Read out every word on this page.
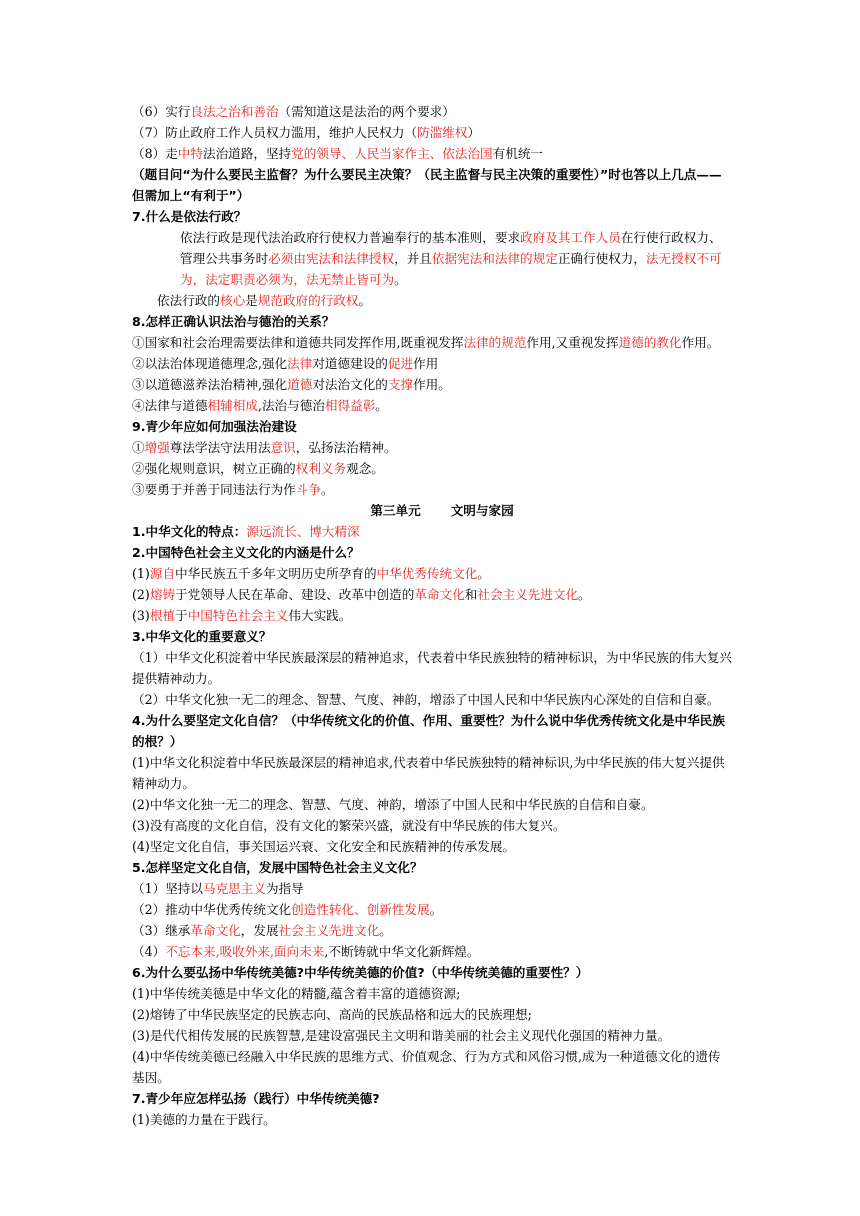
（6）实行良法之治和善治（需知道这是法治的两个要求）
（7）防止政府工作人员权力滥用，维护人民权力（防滥维权）
（8）走中特法治道路，坚持党的领导、人民当家作主、依法治国有机统一
（题目问“为什么要民主监督？为什么要民主决策？（民主监督与民主决策的重要性）”时也答以上几点——但需加上“有利于”）
7.什么是依法行政？
依法行政是现代法治政府行使权力普遍奉行的基本准则，要求政府及其工作人员在行使行政权力、管理公共事务时必须由宪法和法律授权，并且依据宪法和法律的规定正确行使权力，法无授权不可为，法定职责必须为，法无禁止皆可为。
依法行政的核心是规范政府的行政权。
8.怎样正确认识法治与德治的关系？
①国家和社会治理需要法律和道德共同发挥作用,既重视发挥法律的规范作用,又重视发挥道德的教化作用。
②以法治体现道德理念,强化法律对道德建设的促进作用
③以道德滋养法治精神,强化道德对法治文化的支撑作用。
④法律与道德相辅相成,法治与德治相得益彰。
9.青少年应如何加强法治建设
①增强尊法学法守法用法意识，弘扬法治精神。
②强化规则意识，树立正确的权利义务观念。
③要勇于并善于同违法行为作斗争。
第三单元 文明与家园
1.中华文化的特点：源远流长、博大精深
2.中国特色社会主义文化的内涵是什么？
(1)源自中华民族五千多年文明历史所孕育的中华优秀传统文化。
(2)熔铸于党领导人民在革命、建设、改革中创造的革命文化和社会主义先进文化。
(3)根植于中国特色社会主义伟大实践。
3.中华文化的重要意义？
（1）中华文化积淀着中华民族最深层的精神追求，代表着中华民族独特的精神标识，为中华民族的伟大复兴提供精神动力。
（2）中华文化独一无二的理念、智慧、气度、神韵，增添了中国人民和中华民族内心深处的自信和自豪。
4.为什么要坚定文化自信？（中华传统文化的价值、作用、重要性？为什么说中华优秀传统文化是中华民族的根？）
(1)中华文化积淀着中华民族最深层的精神追求,代表着中华民族独特的精神标识,为中华民族的伟大复兴提供精神动力。
(2)中华文化独一无二的理念、智慧、气度、神韵，增添了中国人民和中华民族的自信和自豪。
(3)没有高度的文化自信，没有文化的繁荣兴盛，就没有中华民族的伟大复兴。
(4)坚定文化自信，事关国运兴衰、文化安全和民族精神的传承发展。
5.怎样坚定文化自信，发展中国特色社会主义文化？
（1）坚持以马克思主义为指导
（2）推动中华优秀传统文化创造性转化、创新性发展。
（3）继承革命文化，发展社会主义先进文化。
（4）不忘本来,吸收外来,面向未来,不断铸就中华文化新辉煌。
6.为什么要弘扬中华传统美德?中华传统美德的价值?（中华传统美德的重要性？）
(1)中华传统美德是中华文化的精髓,蕴含着丰富的道德资源;
(2)熔铸了中华民族坚定的民族志向、高尚的民族品格和远大的民族理想;
(3)是代代相传发展的民族智慧,是建设富强民主文明和谐美丽的社会主义现代化强国的精神力量。
(4)中华传统美德已经融入中华民族的思维方式、价值观念、行为方式和风俗习惯,成为一种道德文化的遗传基因。
7.青少年应怎样弘扬（践行）中华传统美德?
(1)美德的力量在于践行。
